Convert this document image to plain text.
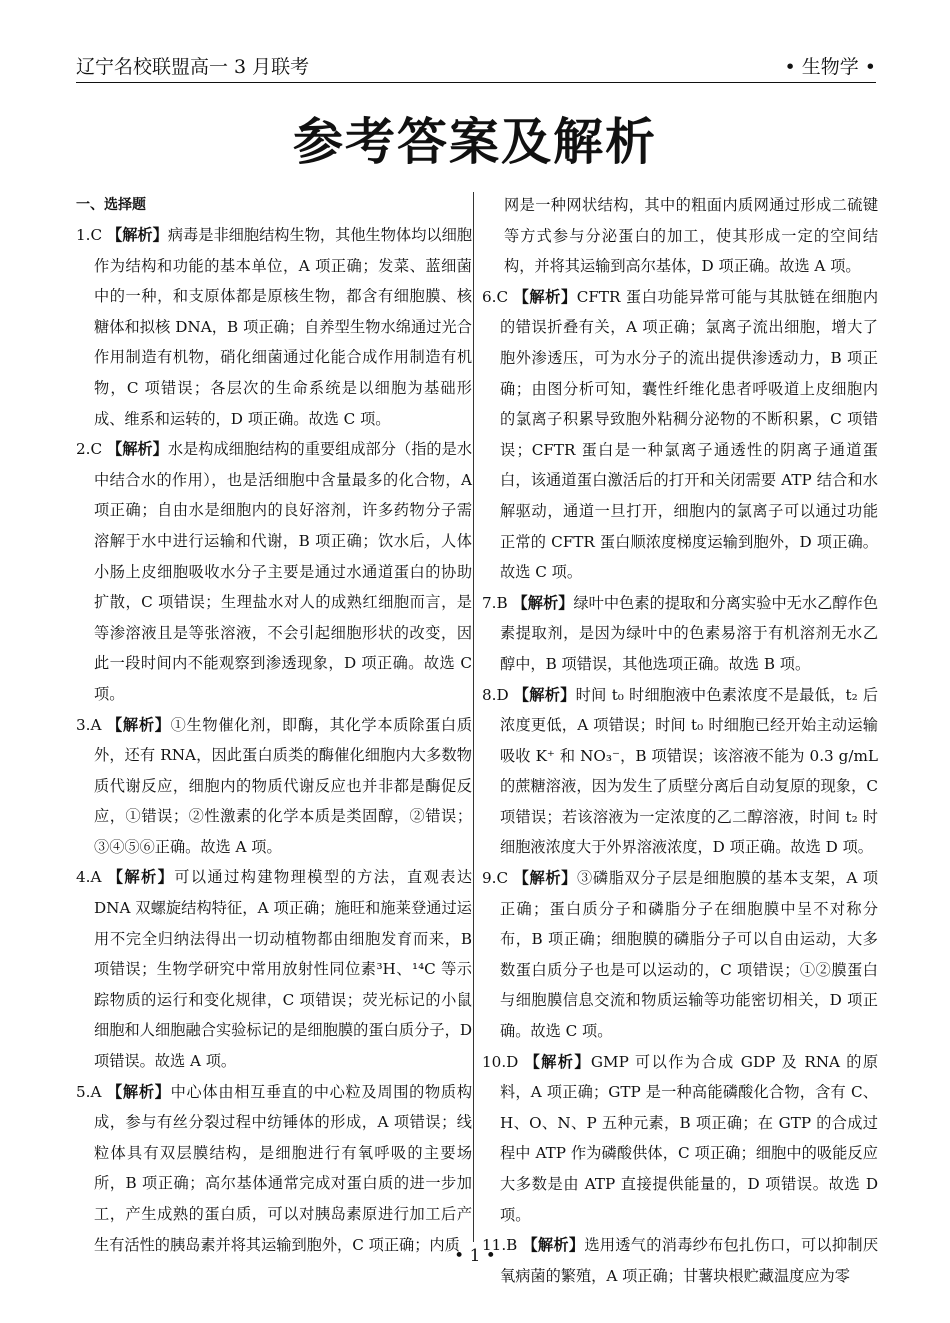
辽宁名校联盟高一 3 月联考	• 生物学 •
参考答案及解析
一、选择题

1.C 【解析】病毒是非细胞结构生物，其他生物体均以细胞作为结构和功能的基本单位，A 项正确；发菜、蓝细菌中的一种，和支原体都是原核生物，都含有细胞膜、核糖体和拟核 DNA，B 项正确；自养型生物水绵通过光合作用制造有机物，硝化细菌通过化能合成作用制造有机物，C 项错误；各层次的生命系统是以细胞为基础形成、维系和运转的，D 项正确。故选 C 项。

2.C 【解析】水是构成细胞结构的重要组成部分（指的是水中结合水的作用），也是活细胞中含量最多的化合物，A 项正确；自由水是细胞内的良好溶剂，许多药物分子需溶解于水中进行运输和代谢，B 项正确；饮水后，人体小肠上皮细胞吸收水分子主要是通过水通道蛋白的协助扩散，C 项错误；生理盐水对人的成熟红细胞而言，是等渗溶液且是等张溶液，不会引起细胞形状的改变，因此一段时间内不能观察到渗透现象，D 项正确。故选 C 项。

3.A 【解析】①生物催化剂，即酶，其化学本质除蛋白质外，还有 RNA，因此蛋白质类的酶催化细胞内大多数物质代谢反应，细胞内的物质代谢反应也并非都是酶促反应，①错误；②性激素的化学本质是类固醇，②错误；③④⑤⑥正确。故选 A 项。

4.A 【解析】可以通过构建物理模型的方法，直观表达 DNA 双螺旋结构特征，A 项正确；施旺和施莱登通过运用不完全归纳法得出一切动植物都由细胞发育而来，B 项错误；生物学研究中常用放射性同位素³H、¹⁴C 等示踪物质的运行和变化规律，C 项错误；荧光标记的小鼠细胞和人细胞融合实验标记的是细胞膜的蛋白质分子，D 项错误。故选 A 项。

5.A 【解析】中心体由相互垂直的中心粒及周围的物质构成，参与有丝分裂过程中纺锤体的形成，A 项错误；线粒体具有双层膜结构，是细胞进行有氧呼吸的主要场所，B 项正确；高尔基体通常完成对蛋白质的进一步加工，产生成熟的蛋白质，可以对胰岛素原进行加工后产生有活性的胰岛素并将其运输到胞外，C 项正确；内质

网是一种网状结构，其中的粗面内质网通过形成二硫键等方式参与分泌蛋白的加工，使其形成一定的空间结构，并将其运输到高尔基体，D 项正确。故选 A 项。

6.C 【解析】CFTR 蛋白功能异常可能与其肽链在细胞内的错误折叠有关，A 项正确；氯离子流出细胞，增大了胞外渗透压，可为水分子的流出提供渗透动力，B 项正确；由图分析可知，囊性纤维化患者呼吸道上皮细胞内的氯离子积累导致胞外粘稠分泌物的不断积累，C 项错误；CFTR 蛋白是一种氯离子通透性的阴离子通道蛋白，该通道蛋白激活后的打开和关闭需要 ATP 结合和水解驱动，通道一旦打开，细胞内的氯离子可以通过功能正常的 CFTR 蛋白顺浓度梯度运输到胞外，D 项正确。故选 C 项。

7.B 【解析】绿叶中色素的提取和分离实验中无水乙醇作色素提取剂，是因为绿叶中的色素易溶于有机溶剂无水乙醇中，B 项错误，其他选项正确。故选 B 项。

8.D 【解析】时间 t₀ 时细胞液中色素浓度不是最低，t₂ 后浓度更低，A 项错误；时间 t₀ 时细胞已经开始主动运输吸收 K⁺ 和 NO₃⁻，B 项错误；该溶液不能为 0.3 g/mL 的蔗糖溶液，因为发生了质壁分离后自动复原的现象，C 项错误；若该溶液为一定浓度的乙二醇溶液，时间 t₂ 时细胞液浓度大于外界溶液浓度，D 项正确。故选 D 项。

9.C 【解析】③磷脂双分子层是细胞膜的基本支架，A 项正确；蛋白质分子和磷脂分子在细胞膜中呈不对称分布，B 项正确；细胞膜的磷脂分子可以自由运动，大多数蛋白质分子也是可以运动的，C 项错误；①②膜蛋白与细胞膜信息交流和物质运输等功能密切相关，D 项正确。故选 C 项。

10.D 【解析】GMP 可以作为合成 GDP 及 RNA 的原料，A 项正确；GTP 是一种高能磷酸化合物，含有 C、H、O、N、P 五种元素，B 项正确；在 GTP 的合成过程中 ATP 作为磷酸供体，C 项正确；细胞中的吸能反应大多数是由 ATP 直接提供能量的，D 项错误。故选 D 项。

11.B 【解析】选用透气的消毒纱布包扎伤口，可以抑制厌氧病菌的繁殖，A 项正确；甘薯块根贮藏温度应为零

• 1 •
